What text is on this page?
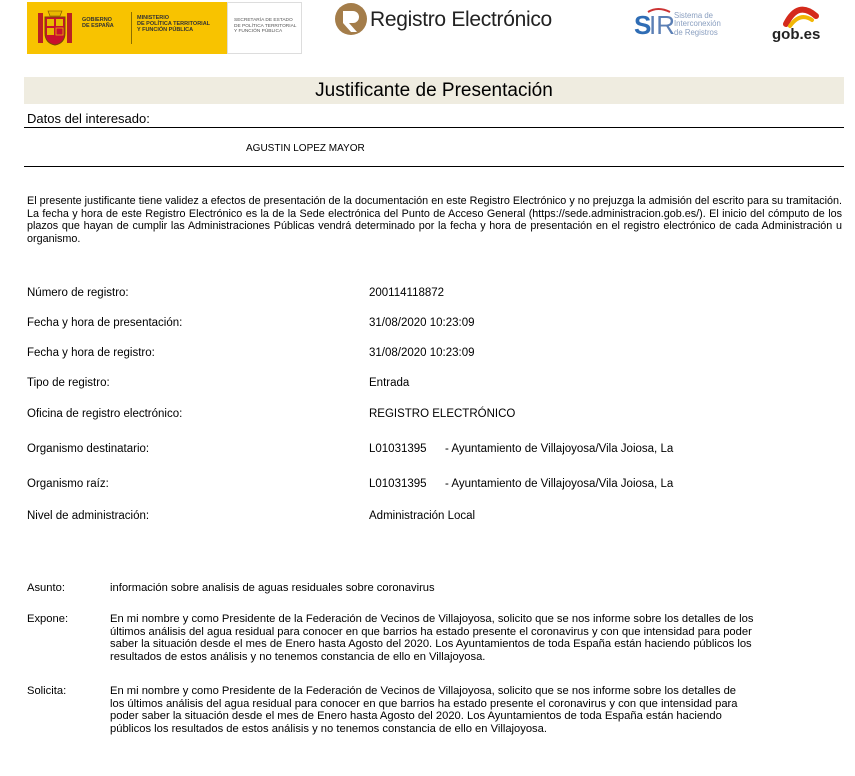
GOBIERNO
DE ESPAÑA
MINISTERIO
DE POLÍTICA TERRITORIAL
Y FUNCIÓN PÚBLICA
SECRETARÍA DE ESTADO
DE POLÍTICA TERRITORIAL
Y FUNCIÓN PÚBLICA
Registro Electrónico	S
IR Sistema de
Interconexión
de Registros	gob.es
Justificante de Presentación
Datos del interesado:
AGUSTIN LOPEZ MAYOR
El presente justificante tiene validez a efectos de presentación de la documentación en este Registro Electrónico y no prejuzga la admisión del escrito para su tramitación. La fecha y hora de este Registro Electrónico es la de la Sede electrónica del Punto de Acceso General (https://sede.administracion.gob.es/). El inicio del cómputo de los plazos que hayan de cumplir las Administraciones Públicas vendrá determinado por la fecha y hora de presentación en el registro electrónico de cada Administración u organismo.
Número de registro:	200114118872
Fecha y hora de presentación:	31/08/2020 10:23:09
Fecha y hora de registro:	31/08/2020 10:23:09
Tipo de registro:	Entrada
Oficina de registro electrónico:	REGISTRO ELECTRÓNICO
Organismo destinatario:	L01031395 - Ayuntamiento de Villajoyosa/Vila Joiosa, La
Organismo raíz:	L01031395 - Ayuntamiento de Villajoyosa/Vila Joiosa, La
Nivel de administración:	Administración Local
Asunto:	información sobre analisis de aguas residuales sobre coronavirus
Expone:	En mi nombre y como Presidente de la Federación de Vecinos de Villajoyosa, solicito que se nos informe sobre los detalles de los
últimos análisis del agua residual para conocer en que barrios ha estado presente el coronavirus y con que intensidad para poder
saber la situación desde el mes de Enero hasta Agosto del 2020. Los Ayuntamientos de toda España están haciendo públicos los
resultados de estos análisis y no tenemos constancia de ello en Villajoyosa.
Solicita:	En mi nombre y como Presidente de la Federación de Vecinos de Villajoyosa, solicito que se nos informe sobre los detalles de
los últimos análisis del agua residual para conocer en que barrios ha estado presente el coronavirus y con que intensidad para
poder saber la situación desde el mes de Enero hasta Agosto del 2020. Los Ayuntamientos de toda España están haciendo
públicos los resultados de estos análisis y no tenemos constancia de ello en Villajoyosa.
